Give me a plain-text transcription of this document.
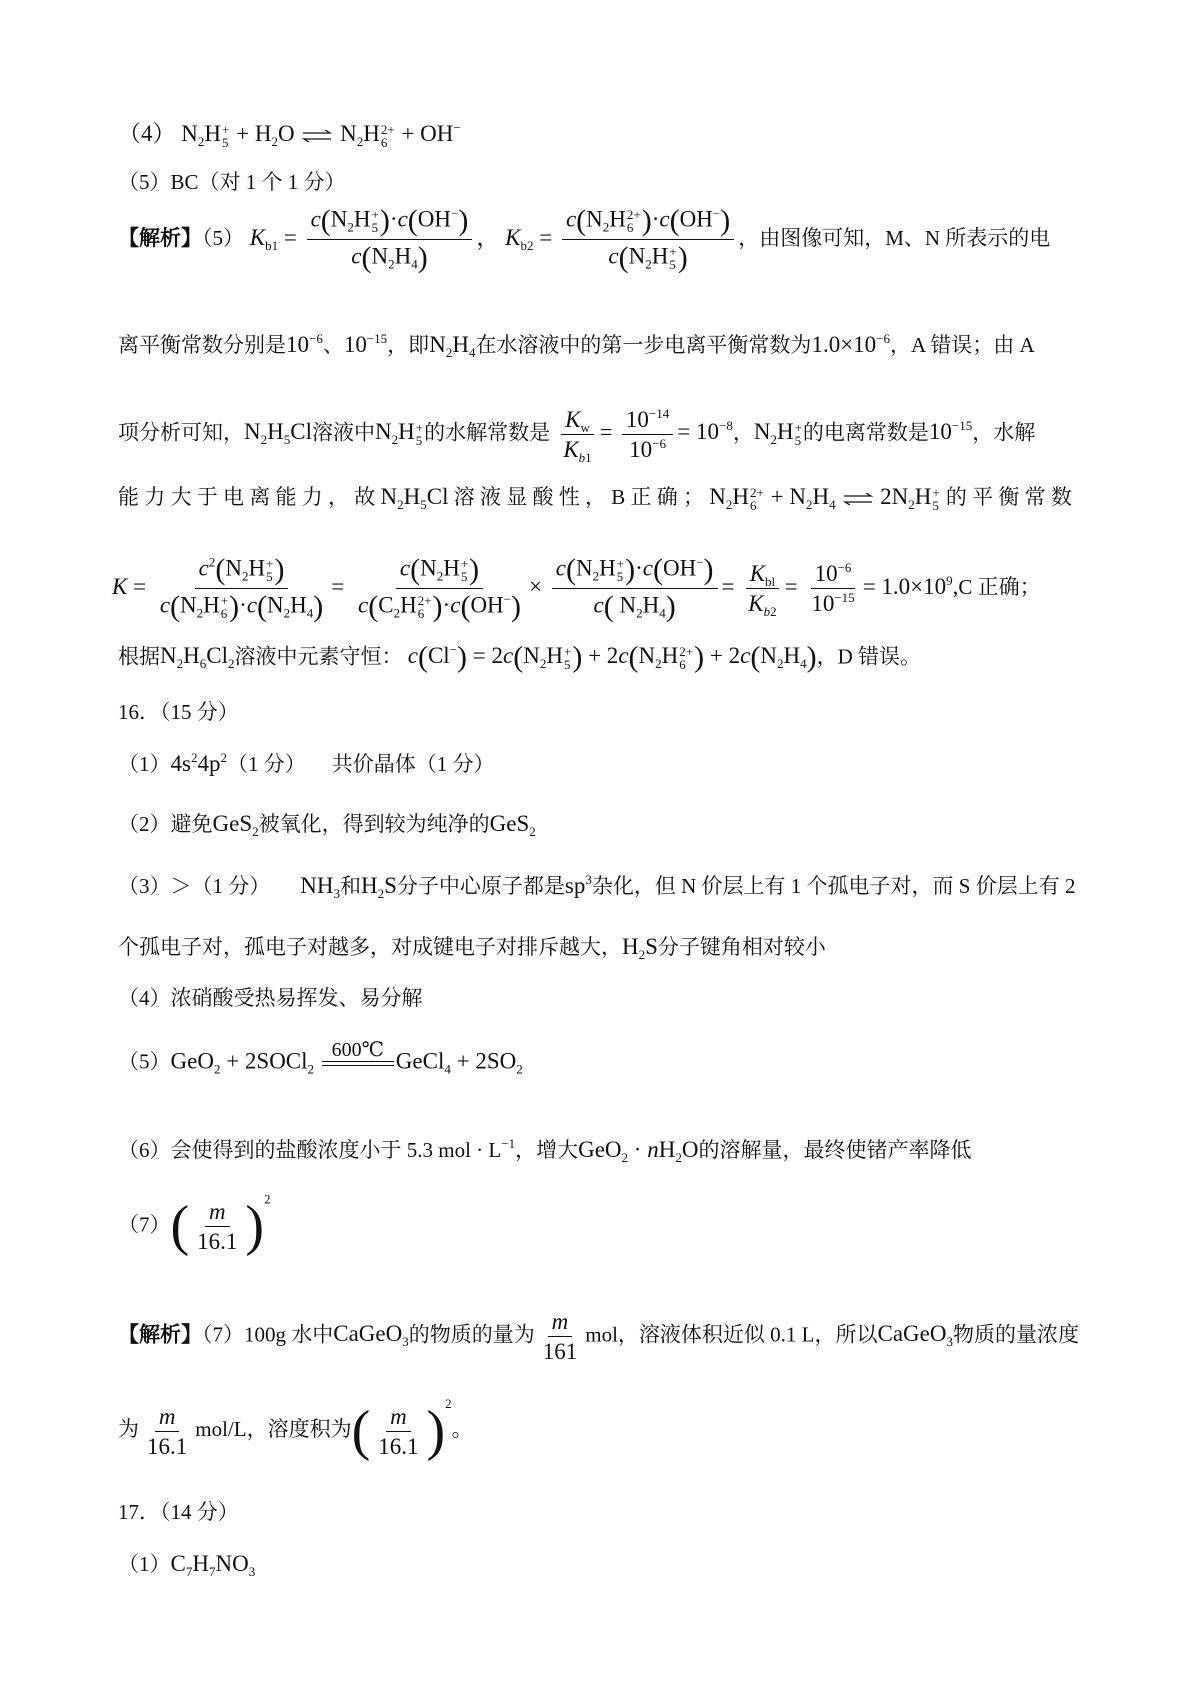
（4） $N_2H$ +
$5 + H_2O$ ⇌ $N_2H$ 2+
6 + OH−
（5）BC（对 1 个 1 分）
【解析】（5） $K_{b1} = c(N_2H$ +
5 )·c(OH−)
$c(N_2H_4)$ ， $K_{b2} = c(N_2H$ 2+
6 )·c(OH−)
$c(N_2H$ +
5 ) ，由图像可知，M、N 所表示的电
离平衡常数分别是$10^{-6}$、$10^{-15}$，即$N_2H_4$在水溶液中的第一步电离平衡常数为$1.0\times 10^{-6}$，A 错误；由 A
项分析可知，$N_2H_5Cl$溶液中$N_2H$ +
5 的水解常数是 $\frac{K_w}{K_{b1}} = \frac{10^{-14}}{10^{-6}} = 10^{-8}$，$N_2H$ +
5 的电离常数是$10^{-15}$，水解
能 力 大 于 电 离 能 力 ， 故 $N_2H_5Cl$ 溶 液 显 酸 性 ， B 正 确 ； $N_2H$ 2+
$6 + N_2H_4$ ⇌ $2N_2H$ +
5 的 平 衡 常 数
$K = c^2(N_2H$ +
5 )
$c(N_2H$ +
6 )$\cdot c(N_2H_4) = c(N_2H$ +
5 )
$c(C_2H$ 2+
6 )$\cdot c(OH^-) \times c(N_2H$ +
5 )·c(OH−)
c( $N_2H_4) = \frac{K_{bl}}{K_{b2}} = \frac{10^{-6}}{10^{-15}} = 1.0\times 10^9,C$ 正确；
根据$N_2H_6Cl_2$溶液中元素守恒： $c(Cl^-) = 2c(N_2H$ +
5 ) + $2c(N_2H$ 2+
6 ) + $2c(N_2H_4)$，D 错误。
16．（15 分）
$(1)4s^24p^2(1$ 分） 共价晶体（1 分）
（2）避免GeS$_2$被氧化，得到较为纯净的GeS$_2$
（3）＞（1 分） $NH_3$和$H_2S$分子中心原子都是$sp^3$杂化，但 N 价层上有 1 个孤电子对，而 S 价层上有 2
个孤电子对，孤电子对越多，对成键电子对排斥越大，$H_2S$分子键角相对较小
（4）浓硝酸受热易挥发、易分解
（5）GeO$_2$ + 2SOCl$_2$
600℃ GeCl$_4$ + $2SO_2$
（6）会使得到的盐酸浓度小于 5.3 mol · $L^{-1}$，增大$GeO_2 \cdot nH_2O$的溶解量，最终使锗产率降低
$(7)( \frac{m}{16.1} )^2$
【解析】（7）100g 水中CaGeO$_3$的物质的量为 $\frac{m}{161}$ mol，溶液体积近似 0.1 L，所以CaGeO$_3$物质的量浓度
为 $\frac{m}{16.1} mol/L$，溶度积为( $\frac{m}{16.1} )^2$。
17．（14 分）
$(1)C_7H_7NO_3$
